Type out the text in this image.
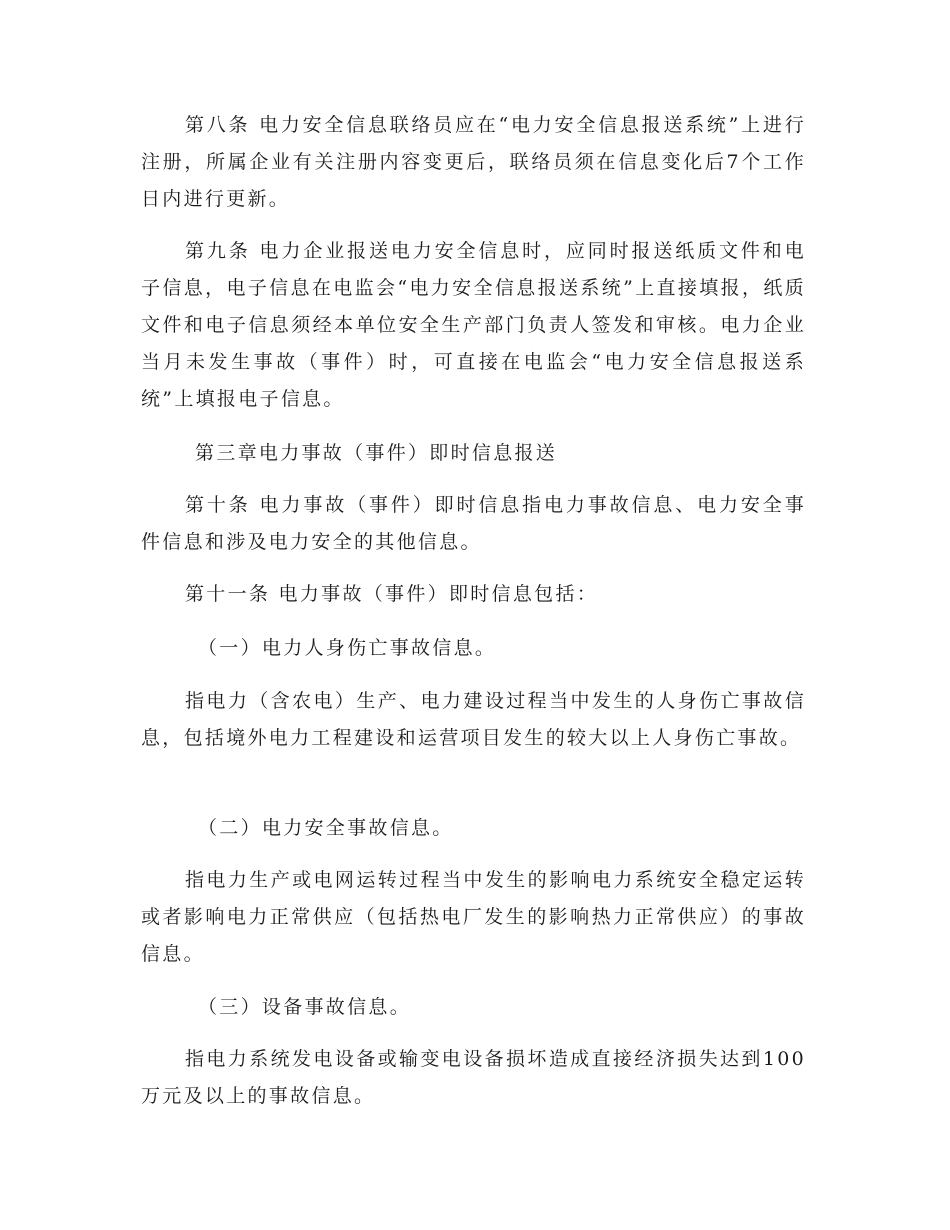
第八条 电力安全信息联络员应在“电力安全信息报送系统”上进行注册，所属企业有关注册内容变更后，联络员须在信息变化后7个工作日内进行更新。

第九条 电力企业报送电力安全信息时，应同时报送纸质文件和电子信息，电子信息在电监会“电力安全信息报送系统”上直接填报，纸质文件和电子信息须经本单位安全生产部门负责人签发和审核。电力企业当月未发生事故（事件）时，可直接在电监会“电力安全信息报送系统”上填报电子信息。

第三章电力事故（事件）即时信息报送

第十条 电力事故（事件）即时信息指电力事故信息、电力安全事件信息和涉及电力安全的其他信息。

第十一条 电力事故（事件）即时信息包括：

（一）电力人身伤亡事故信息。

指电力（含农电）生产、电力建设过程当中发生的人身伤亡事故信息，包括境外电力工程建设和运营项目发生的较大以上人身伤亡事故。

（二）电力安全事故信息。

指电力生产或电网运转过程当中发生的影响电力系统安全稳定运转或者影响电力正常供应（包括热电厂发生的影响热力正常供应）的事故信息。

（三）设备事故信息。

指电力系统发电设备或输变电设备损坏造成直接经济损失达到100万元及以上的事故信息。
